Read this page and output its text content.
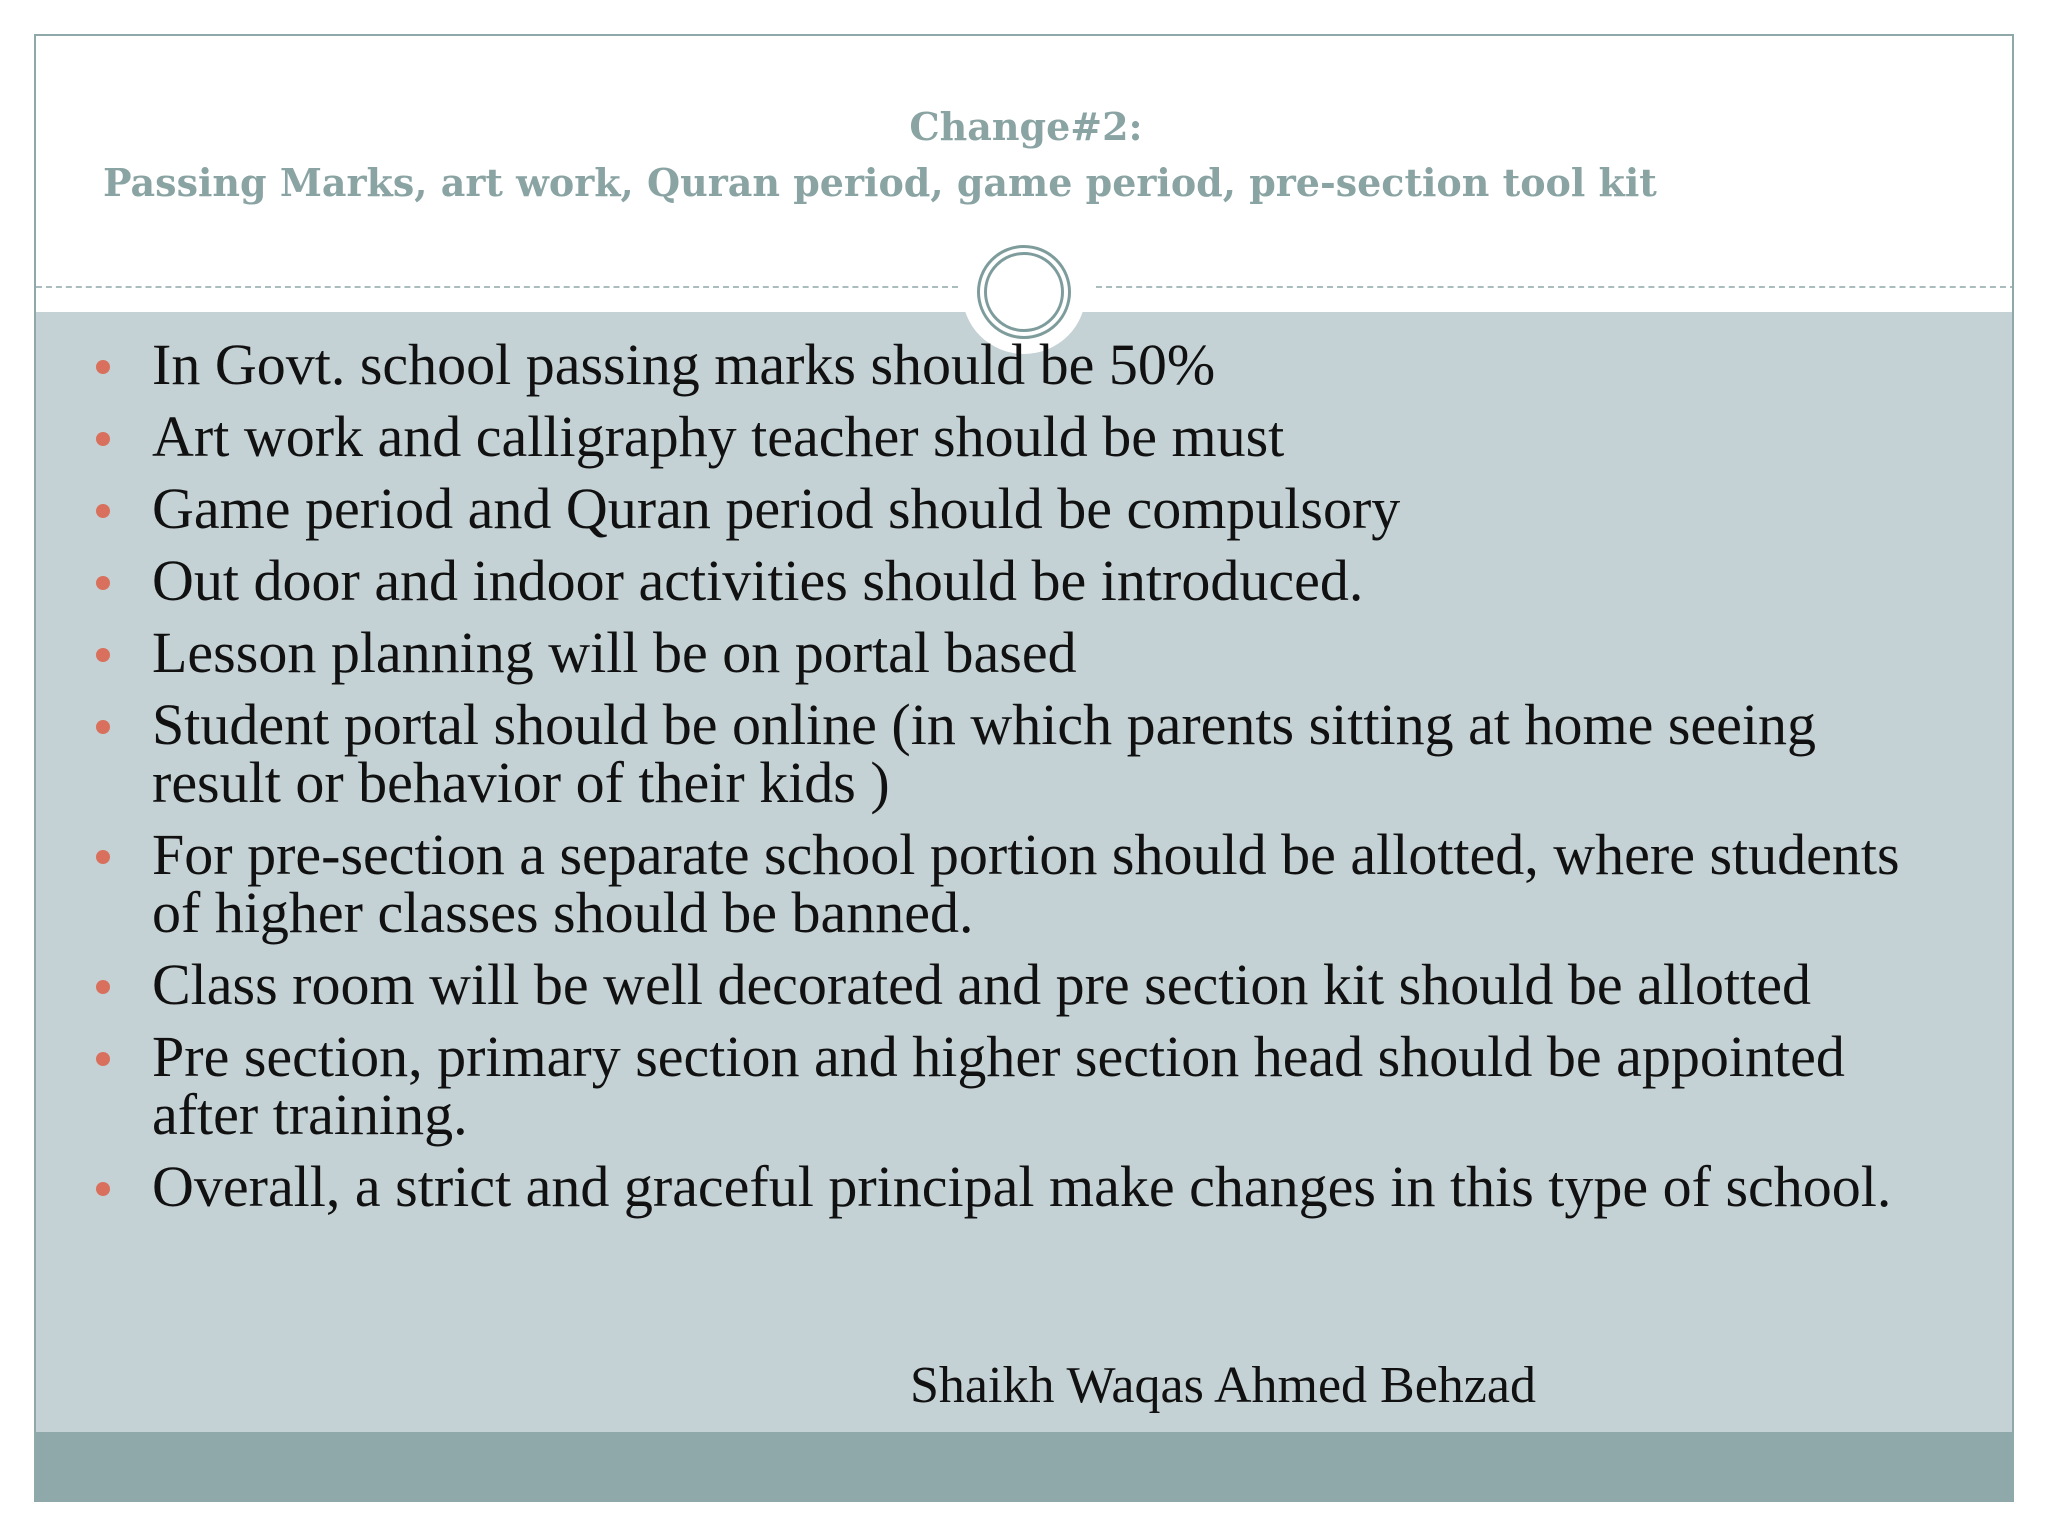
Change#2:
Passing Marks, art work, Quran period, game period, pre-section tool kit
In Govt. school passing marks should be 50%
Art work and calligraphy teacher should be must
Game period and Quran period should be compulsory
Out door and indoor activities should be introduced.
Lesson planning will be on portal based
Student portal should be online (in which parents sitting at home seeing result or behavior of their kids )
For pre-section a separate school portion should be allotted, where students of higher classes should be banned.
Class room will be well decorated and pre section kit should be allotted
Pre section, primary section and higher section head should be appointed after training.
Overall, a strict and graceful principal make changes in this type of school.
Shaikh Waqas Ahmed Behzad
